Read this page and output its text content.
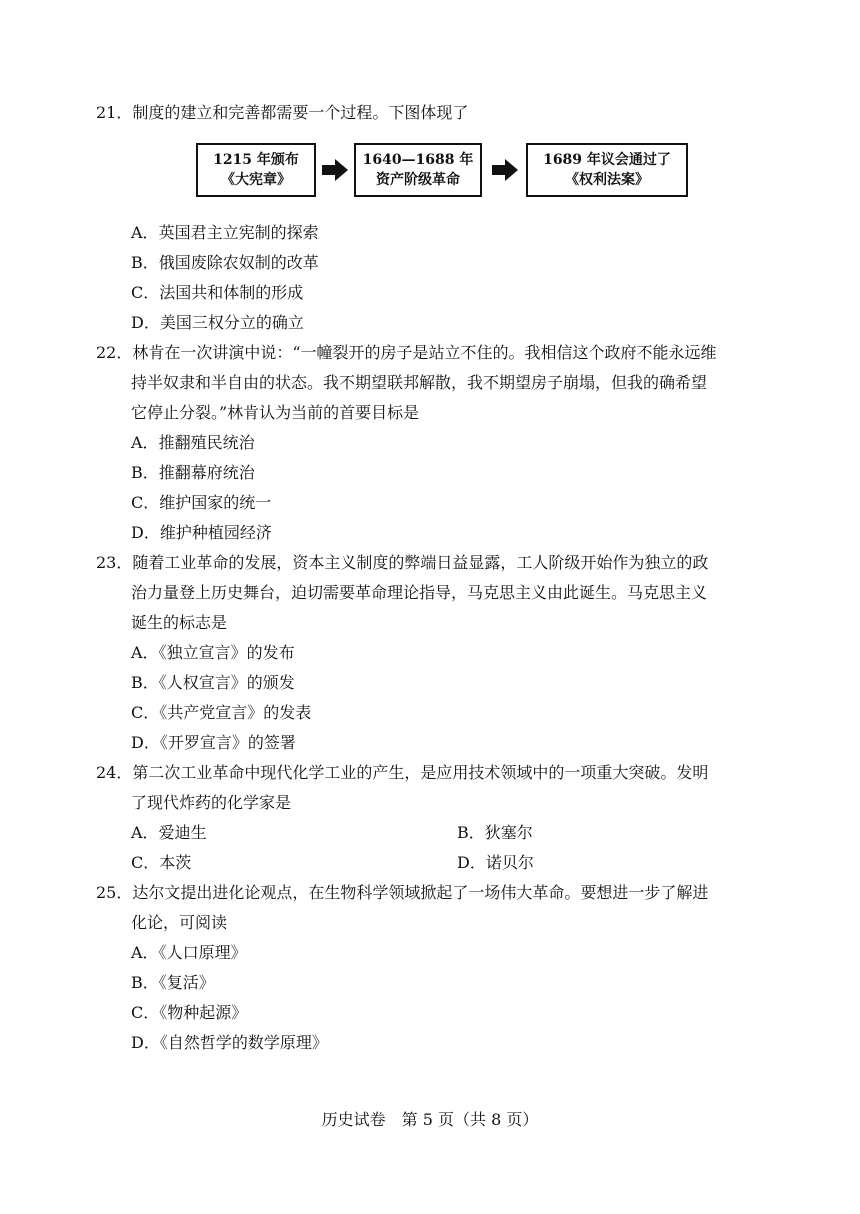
21．制度的建立和完善都需要一个过程。下图体现了
1215 年颁布
《大宪章》
1640—1688 年
资产阶级革命
1689 年议会通过了
《权利法案》
A．英国君主立宪制的探索
B．俄国废除农奴制的改革
C．法国共和体制的形成
D．美国三权分立的确立
22．林肯在一次讲演中说：“一幢裂开的房子是站立不住的。我相信这个政府不能永远维
持半奴隶和半自由的状态。我不期望联邦解散，我不期望房子崩塌，但我的确希望
它停止分裂。”林肯认为当前的首要目标是
A．推翻殖民统治
B．推翻幕府统治
C．维护国家的统一
D．维护种植园经济
23．随着工业革命的发展，资本主义制度的弊端日益显露，工人阶级开始作为独立的政
治力量登上历史舞台，迫切需要革命理论指导，马克思主义由此诞生。马克思主义
诞生的标志是
A．《独立宣言》的发布
B．《人权宣言》的颁发
C．《共产党宣言》的发表
D．《开罗宣言》的签署
24．第二次工业革命中现代化学工业的产生，是应用技术领域中的一项重大突破。发明
了现代炸药的化学家是
A．爱迪生	B．狄塞尔
C．本茨	D．诺贝尔
25．达尔文提出进化论观点，在生物科学领域掀起了一场伟大革命。要想进一步了解进
化论，可阅读
A．《人口原理》
B．《复活》
C．《物种起源》
D．《自然哲学的数学原理》
历史试卷　第 5 页（共 8 页）
